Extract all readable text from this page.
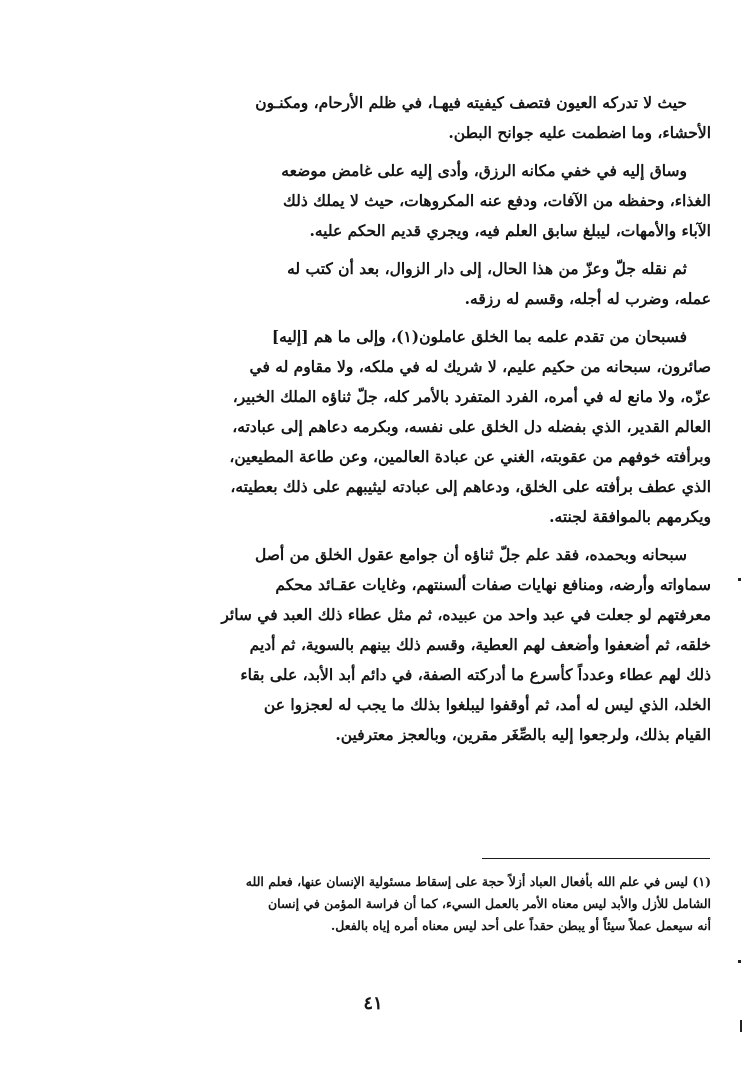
حيث لا تدركه العيون فتصف كيفيته فيهـا، في ظلم الأرحام، ومكنـون
الأحشاء، وما اضطمت عليه جوانح البطن.

وساق إليه في خفي مكانه الرزق، وأدى إليه على غامض موضعه
الغذاء، وحفظه من الآفات، ودفع عنه المكروهات، حيث لا يملك ذلك
الآباء والأمهات، ليبلغ سابق العلم فيه، ويجري قديم الحكم عليه.

ثم نقله جلّ وعزّ من هذا الحال، إلى دار الزوال، بعد أن كتب له
عمله، وضرب له أجله، وقسم له رزقه.

فسبحان من تقدم علمه بما الخلق عاملون(١)، وإلى ما هم [إليه]
صائرون، سبحانه من حكيم عليم، لا شريك له في ملكه، ولا مقاوم له في
عزّه، ولا مانع له في أمره، الفرد المتفرد بالأمر كله، جلّ ثناؤه الملك الخبير،
العالم القدير، الذي بفضله دل الخلق على نفسه، وبكرمه دعاهم إلى عبادته،
وبرأفته خوفهم من عقوبته، الغني عن عبادة العالمين، وعن طاعة المطيعين،
الذي عطف برأفته على الخلق، ودعاهم إلى عبادته ليثيبهم على ذلك بعطيته،
ويكرمهم بالموافقة لجنته.

سبحانه وبحمده، فقد علم جلّ ثناؤه أن جوامع عقول الخلق من أصل
سماواته وأرضه، ومنافع نهايات صفات ألسنتهم، وغايات عقـائد محكم
معرفتهم لو جعلت في عبد واحد من عبيده، ثم مثل عطاء ذلك العبد في سائر
خلقه، ثم أضعفوا وأضعف لهم العطية، وقسم ذلك بينهم بالسوية، ثم أديم
ذلك لهم عطاء وعدداً كأسرع ما أدركته الصفة، في دائم أبد الأبد، على بقاء
الخلد، الذي ليس له أمد، ثم أوقفوا ليبلغوا بذلك ما يجب له لعجزوا عن
القيام بذلك، ولرجعوا إليه بالصِّغَر مقرين، وبالعجز معترفين.

(١) ليس في علم الله بأفعال العباد أزلاً حجة على إسقاط مسئولية الإنسان عنها، فعلم الله
الشامل للأزل والأبد ليس معناه الأمر بالعمل السيء، كما أن فراسة المؤمن في إنسان
أنه سيعمل عملاً سيئاً أو يبطن حقداً على أحد ليس معناه أمره إياه بالفعل.
٤١
